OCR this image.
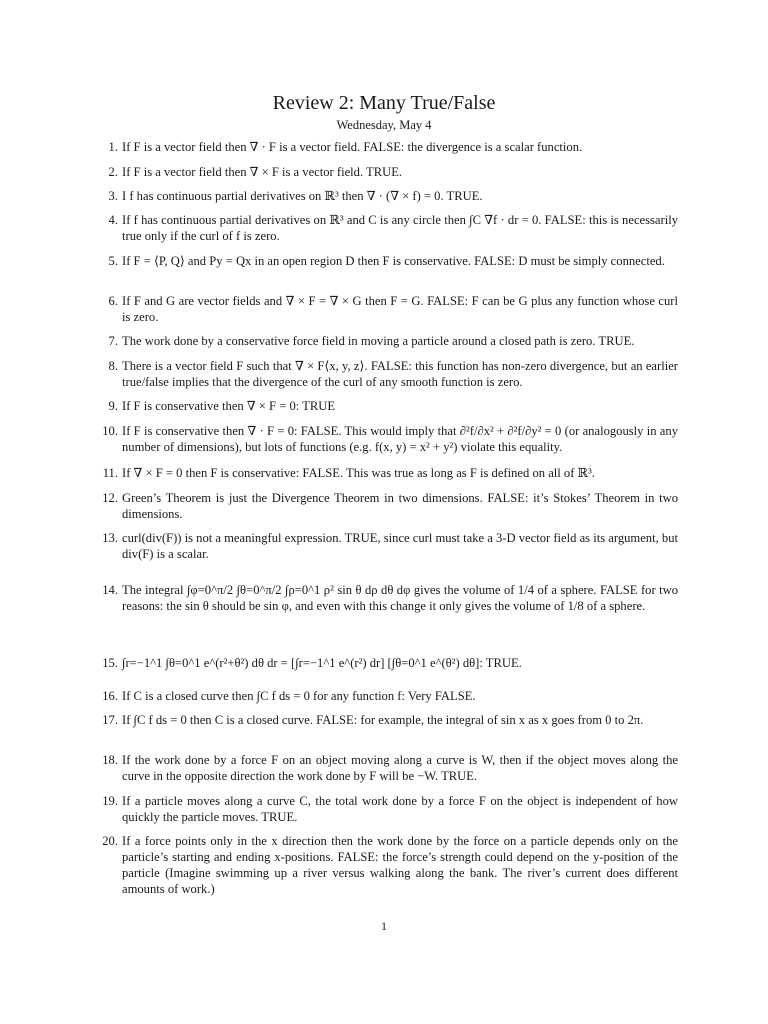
Review 2: Many True/False
Wednesday, May 4
1. If F is a vector field then ∇ · F is a vector field. FALSE: the divergence is a scalar function.
2. If F is a vector field then ∇ × F is a vector field. TRUE.
3. I f has continuous partial derivatives on ℝ³ then ∇ · (∇ × f) = 0. TRUE.
4. If f has continuous partial derivatives on ℝ³ and C is any circle then ∫C ∇f · dr = 0. FALSE: this is necessarily true only if the curl of f is zero.
5. If F = ⟨P, Q⟩ and Py = Qx in an open region D then F is conservative. FALSE: D must be simply connected.
6. If F and G are vector fields and ∇ × F = ∇ × G then F = G. FALSE: F can be G plus any function whose curl is zero.
7. The work done by a conservative force field in moving a particle around a closed path is zero. TRUE.
8. There is a vector field F such that ∇ × F⟨x, y, z⟩. FALSE: this function has non-zero divergence, but an earlier true/false implies that the divergence of the curl of any smooth function is zero.
9. If F is conservative then ∇ × F = 0: TRUE
10. If F is conservative then ∇ · F = 0: FALSE. This would imply that ∂²f/∂x² + ∂²f/∂y² = 0 (or analogously in any number of dimensions), but lots of functions (e.g. f(x, y) = x² + y²) violate this equality.
11. If ∇ × F = 0 then F is conservative: FALSE. This was true as long as F is defined on all of ℝ³.
12. Green’s Theorem is just the Divergence Theorem in two dimensions. FALSE: it’s Stokes’ Theorem in two dimensions.
13. curl(div(F)) is not a meaningful expression. TRUE, since curl must take a 3-D vector field as its argument, but div(F) is a scalar.
14. The integral ∫φ=0^π/2 ∫θ=0^π/2 ∫ρ=0^1 ρ² sin θ dρ dθ dφ gives the volume of 1/4 of a sphere. FALSE for two reasons: the sin θ should be sin φ, and even with this change it only gives the volume of 1/8 of a sphere.
15. ∫r=−1^1 ∫θ=0^1 e^(r²+θ²) dθ dr = [∫r=−1^1 e^(r²) dr] [∫θ=0^1 e^(θ²) dθ]: TRUE.
16. If C is a closed curve then ∫C f ds = 0 for any function f: Very FALSE.
17. If ∫C f ds = 0 then C is a closed curve. FALSE: for example, the integral of sin x as x goes from 0 to 2π.
18. If the work done by a force F on an object moving along a curve is W, then if the object moves along the curve in the opposite direction the work done by F will be −W. TRUE.
19. If a particle moves along a curve C, the total work done by a force F on the object is independent of how quickly the particle moves. TRUE.
20. If a force points only in the x direction then the work done by the force on a particle depends only on the particle’s starting and ending x-positions. FALSE: the force’s strength could depend on the y-position of the particle (Imagine swimming up a river versus walking along the bank. The river’s current does different amounts of work.)
1
